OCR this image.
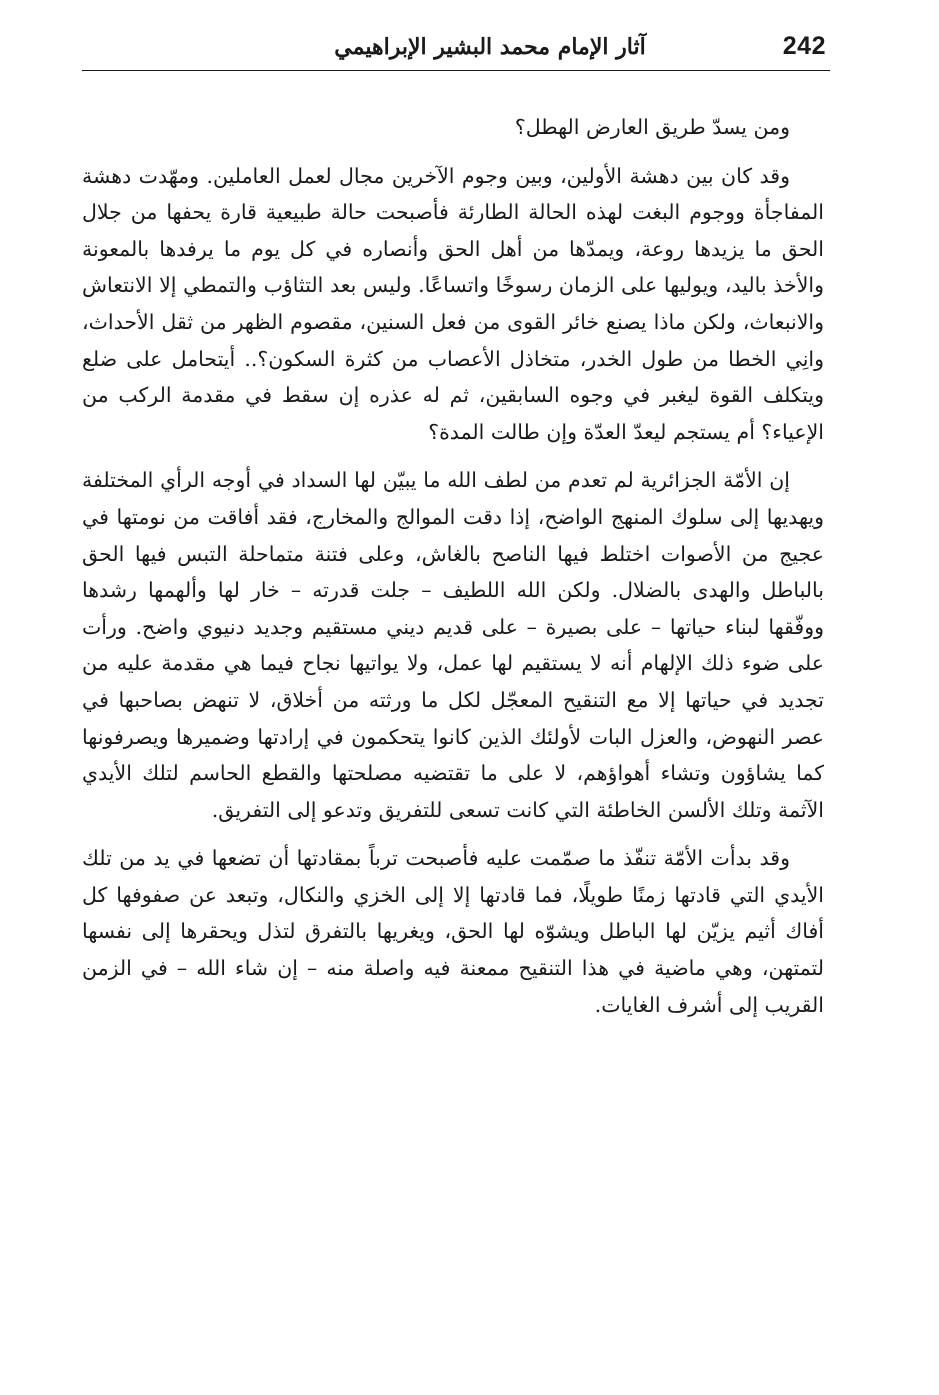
242
آثار الإمام محمد البشير الإبراهيمي

ومن يسدّ طريق العارض الهطل؟

وقد كان بين دهشة الأولين، وبين وجوم الآخرين مجال لعمل العاملين. ومهّدت دهشة المفاجأة ووجوم البغت لهذه الحالة الطارئة فأصبحت حالة طبيعية قارة يحفها من جلال الحق ما يزيدها روعة، ويمدّها من أهل الحق وأنصاره في كل يوم ما يرفدها بالمعونة والأخذ باليد، ويوليها على الزمان رسوخًا واتساعًا. وليس بعد التثاؤب والتمطي إلا الانتعاش والانبعاث، ولكن ماذا يصنع خائر القوى من فعل السنين، مقصوم الظهر من ثقل الأحداث، وانِي الخطا من طول الخدر، متخاذل الأعصاب من كثرة السكون؟.. أيتحامل على ضلع ويتكلف القوة ليغبر في وجوه السابقين، ثم له عذره إن سقط في مقدمة الركب من الإعياء؟ أم يستجم ليعدّ العدّة وإن طالت المدة؟

إن الأمّة الجزائرية لم تعدم من لطف الله ما يبيّن لها السداد في أوجه الرأي المختلفة ويهديها إلى سلوك المنهج الواضح، إذا دقت الموالج والمخارج، فقد أفاقت من نومتها في عجيج من الأصوات اختلط فيها الناصح بالغاش، وعلى فتنة متماحلة التبس فيها الحق بالباطل والهدى بالضلال. ولكن الله اللطيف – جلت قدرته – خار لها وألهمها رشدها ووفّقها لبناء حياتها – على بصيرة – على قديم ديني مستقيم وجديد دنيوي واضح. ورأت على ضوء ذلك الإلهام أنه لا يستقيم لها عمل، ولا يواتيها نجاح فيما هي مقدمة عليه من تجديد في حياتها إلا مع التنقيح المعجّل لكل ما ورثته من أخلاق، لا تنهض بصاحبها في عصر النهوض، والعزل البات لأولئك الذين كانوا يتحكمون في إرادتها وضميرها ويصرفونها كما يشاؤون وتشاء أهواؤهم، لا على ما تقتضيه مصلحتها والقطع الحاسم لتلك الأيدي الآثمة وتلك الألسن الخاطئة التي كانت تسعى للتفريق وتدعو إلى التفريق.

وقد بدأت الأمّة تنفّذ ما صمّمت عليه فأصبحت ترباً بمقادتها أن تضعها في يد من تلك الأيدي التي قادتها زمنًا طويلًا، فما قادتها إلا إلى الخزي والنكال، وتبعد عن صفوفها كل أفاك أثيم يزيّن لها الباطل ويشوّه لها الحق، ويغريها بالتفرق لتذل ويحقرها إلى نفسها لتمتهن، وهي ماضية في هذا التنقيح ممعنة فيه واصلة منه – إن شاء الله – في الزمن القريب إلى أشرف الغايات.
